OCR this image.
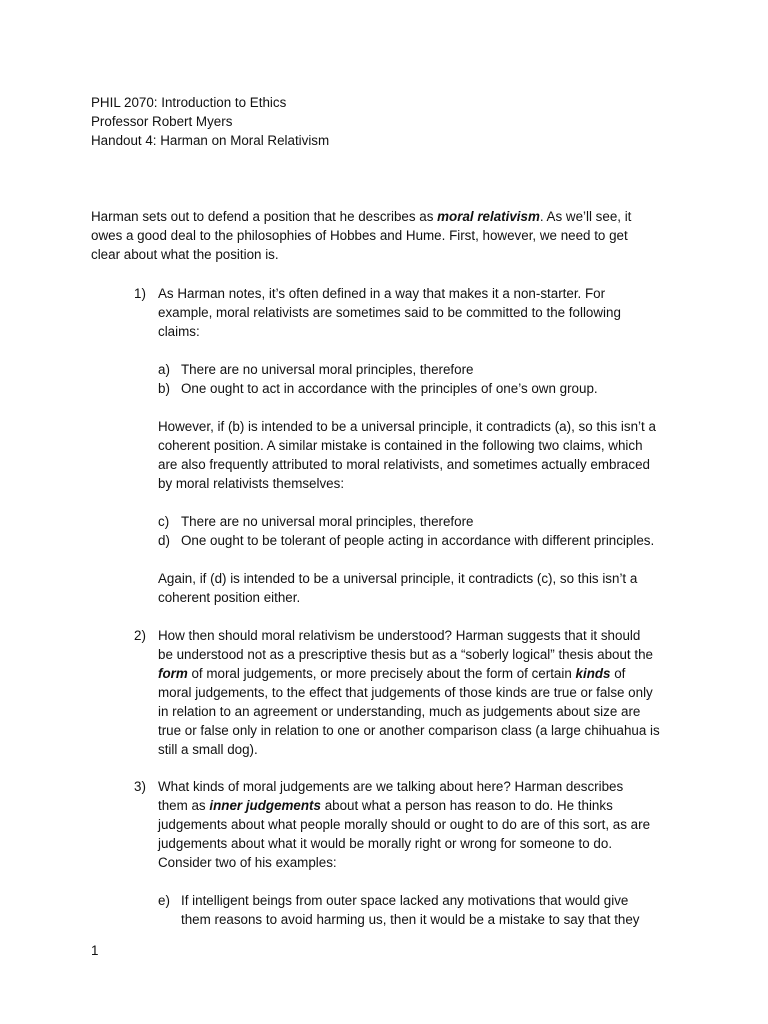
PHIL 2070: Introduction to Ethics
Professor Robert Myers
Handout 4: Harman on Moral Relativism
Harman sets out to defend a position that he describes as moral relativism. As we’ll see, it
owes a good deal to the philosophies of Hobbes and Hume. First, however, we need to get
clear about what the position is.
1) As Harman notes, it’s often defined in a way that makes it a non-starter. For
example, moral relativists are sometimes said to be committed to the following
claims:
a) There are no universal moral principles, therefore
b) One ought to act in accordance with the principles of one’s own group.
However, if (b) is intended to be a universal principle, it contradicts (a), so this isn’t a
coherent position. A similar mistake is contained in the following two claims, which
are also frequently attributed to moral relativists, and sometimes actually embraced
by moral relativists themselves:
c) There are no universal moral principles, therefore
d) One ought to be tolerant of people acting in accordance with different principles.
Again, if (d) is intended to be a universal principle, it contradicts (c), so this isn’t a
coherent position either.
2) How then should moral relativism be understood? Harman suggests that it should
be understood not as a prescriptive thesis but as a “soberly logical” thesis about the
form of moral judgements, or more precisely about the form of certain kinds of
moral judgements, to the effect that judgements of those kinds are true or false only
in relation to an agreement or understanding, much as judgements about size are
true or false only in relation to one or another comparison class (a large chihuahua is
still a small dog).
3) What kinds of moral judgements are we talking about here? Harman describes
them as inner judgements about what a person has reason to do. He thinks
judgements about what people morally should or ought to do are of this sort, as are
judgements about what it would be morally right or wrong for someone to do.
Consider two of his examples:
e) If intelligent beings from outer space lacked any motivations that would give
them reasons to avoid harming us, then it would be a mistake to say that they
1
